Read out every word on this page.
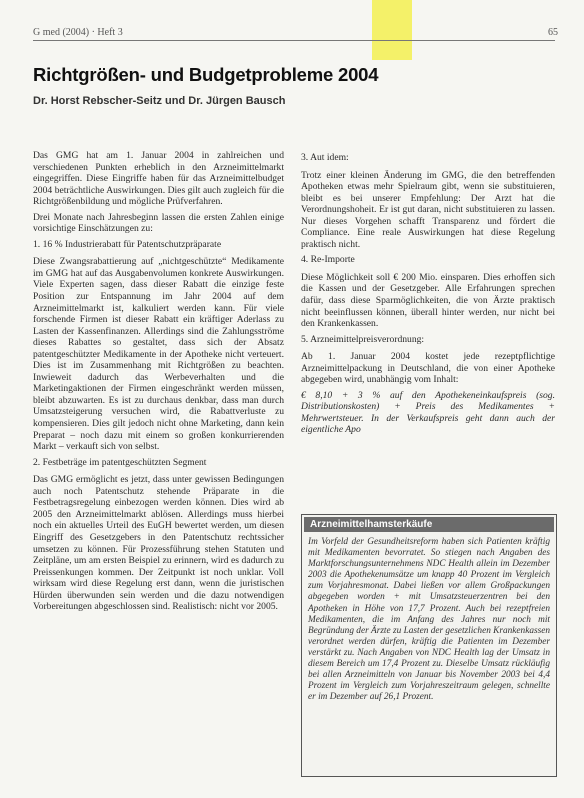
G med (2004) · Heft 3	65
Richtgrößen- und Budgetprobleme 2004
Dr. Horst Rebscher-Seitz und Dr. Jürgen Bausch

Das GMG hat am 1. Januar 2004 in zahlreichen und verschiedenen Punkten erheblich in den Arzneimittelmarkt eingegriffen. Diese Eingriffe haben für das Arzneimittelbudget 2004 beträchtliche Auswirkungen. Dies gilt auch zugleich für die Richtgrößenbildung und mögliche Prüfverfahren.

Drei Monate nach Jahresbeginn lassen die ersten Zahlen einige vorsichtige Einschätzungen zu:

1. 16 % Industrierabatt für Patentschutzpräparate

Diese Zwangsrabattierung auf „nichtgeschützte“ Medikamente im GMG hat auf das Ausgabenvolumen konkrete Auswirkungen. Viele Experten sagen, dass dieser Rabatt die einzige feste Position zur Entspannung im Jahr 2004 auf dem Arzneimittelmarkt ist, kalkuliert werden kann. Für viele forschende Firmen ist dieser Rabatt ein kräftiger Aderlass zu Lasten der Kassenfinanzen. Allerdings sind die Zahlungsströme dieses Rabattes so gestaltet, dass sich der Absatz patentgeschützter Medikamente in der Apotheke nicht verteuert. Dies ist im Zusammenhang mit Richtgrößen zu beachten. Inwieweit dadurch das Werbeverhalten und die Marketingaktionen der Firmen eingeschränkt werden müssen, bleibt abzuwarten. Es ist zu durchaus denkbar, dass man durch Umsatzsteigerung versuchen wird, die Rabattverluste zu kompensieren. Dies gilt jedoch nicht ohne Marketing, dann kein Preparat – noch dazu mit einem so großen konkurrierenden Markt – verkauft sich von selbst.

2. Festbeträge im patentgeschützten Segment

Das GMG ermöglicht es jetzt, dass unter gewissen Bedingungen auch noch Patentschutz stehende Präparate in die Festbetragsregelung einbezogen werden können. Dies wird ab 2005 den Arzneimittelmarkt ablösen. Allerdings muss hierbei noch ein aktuelles Urteil des EuGH bewertet werden, um diesen Eingriff des Gesetzgebers in den Patentschutz rechtssicher umsetzen zu können. Für Prozessführung stehen Statuten und Zeitpläne, um am ersten Beispiel zu erinnern, wird es dadurch zu Preissenkungen kommen. Der Zeitpunkt ist noch unklar. Voll wirksam wird diese Regelung erst dann, wenn die juristischen Hürden überwunden sein werden und die dazu notwendigen Vorbereitungen abgeschlossen sind. Realistisch: nicht vor 2005.

3. Aut idem:

Trotz einer kleinen Änderung im GMG, die den betreffenden Apotheken etwas mehr Spielraum gibt, wenn sie substituieren, bleibt es bei unserer Empfehlung: Der Arzt hat die Verordnungshoheit. Er ist gut daran, nicht substituieren zu lassen. Nur dieses Vorgehen schafft Transparenz und fördert die Compliance. Eine reale Auswirkungen hat diese Regelung praktisch nicht.

4. Re-Importe

Diese Möglichkeit soll € 200 Mio. einsparen. Dies erhoffen sich die Kassen und der Gesetzgeber. Alle Erfahrungen sprechen dafür, dass diese Sparmöglichkeiten, die von Ärzte praktisch nicht beeinflussen können, überall hinter werden, nur nicht bei den Krankenkassen.

5. Arzneimittelpreisverordnung:

Ab 1. Januar 2004 kostet jede rezeptpflichtige Arzneimittelpackung in Deutschland, die von einer Apotheke abgegeben wird, unabhängig vom Inhalt:

€ 8,10 + 3 % auf den Apothekeneinkaufspreis (sog. Distributionskosten) + Preis des Medikamentes + Mehrwertsteuer. In der Verkaufspreis geht dann auch der eigentliche Apo

Arzneimittelhamsterkäufe
Im Vorfeld der Gesundheitsreform haben sich Patienten kräftig mit Medikamenten bevorratet. So stiegen nach Angaben des Marktforschungsunternehmens NDC Health allein im Dezember 2003 die Apothekenumsätze um knapp 40 Prozent im Vergleich zum Vorjahresmonat. Dabei ließen vor allem Großpackungen abgegeben worden + mit Umsatzsteuerzentren bei den Apotheken in Höhe von 17,7 Prozent. Auch bei rezeptfreien Medikamenten, die im Anfang des Jahres nur noch mit Begründung der Ärzte zu Lasten der gesetzlichen Krankenkassen verordnet werden dürfen, kräftig die Patienten im Dezember verstärkt zu. Nach Angaben von NDC Health lag der Umsatz in diesem Bereich um 17,4 Prozent zu. Dieselbe Umsatz rückläufig bei allen Arzneimitteln von Januar bis November 2003 bei 4,4 Prozent im Vergleich zum Vorjahreszeitraum gelegen, schnellte er im Dezember auf 26,1 Prozent.
